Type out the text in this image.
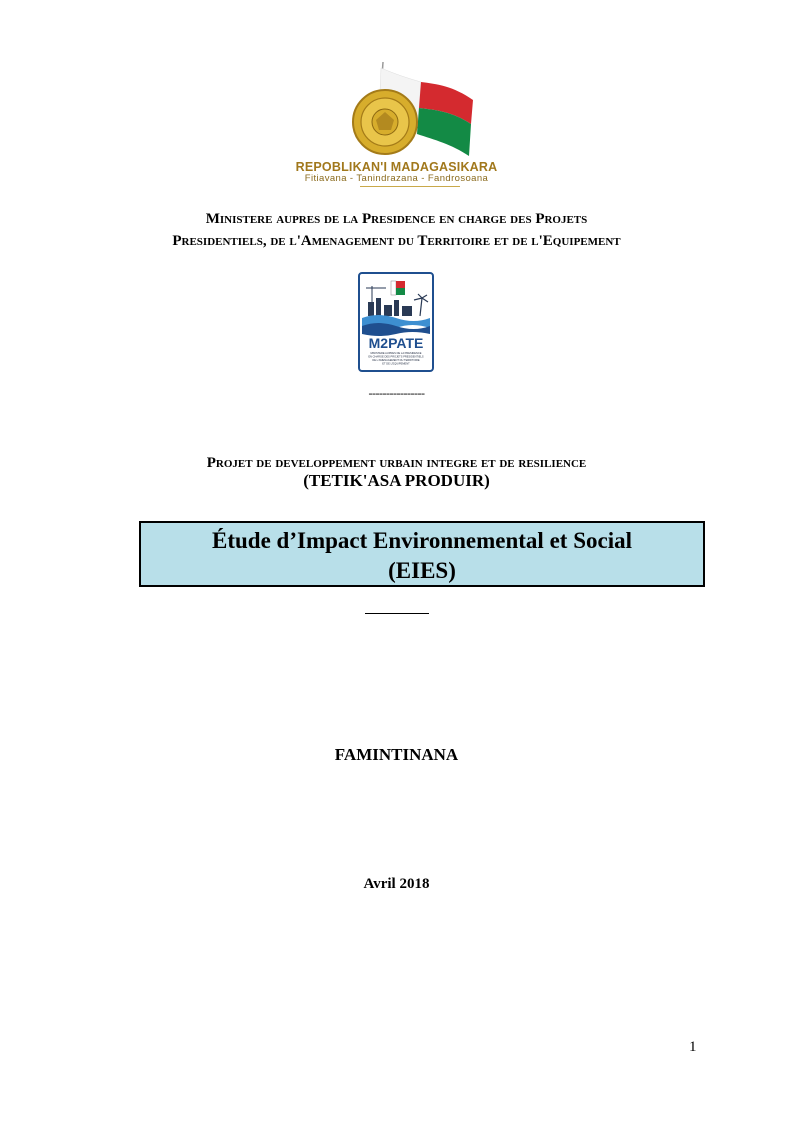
REPOBLIKAN'I MADAGASIKARA
Fitiavana - Tanindrazana - Fandrosoana
Ministere aupres de la Presidence en charge des Projets
Presidentiels, de l'Amenagement du Territoire et de l'Equipement
M2PATE
MINISTERE AUPRES DE LA PRESIDENCE
EN CHARGE DES PROJETS PRESIDENTIELS
DE L'AMENAGEMENT DU TERRITOIRE
ET DE L'EQUIPEMENT
----------------
Projet de developpement urbain integre et de resilience
(TETIK'ASA PRODUIR)
Étude d’Impact Environnemental et Social
(EIES)
FAMINTINANA
Avril 2018
1
